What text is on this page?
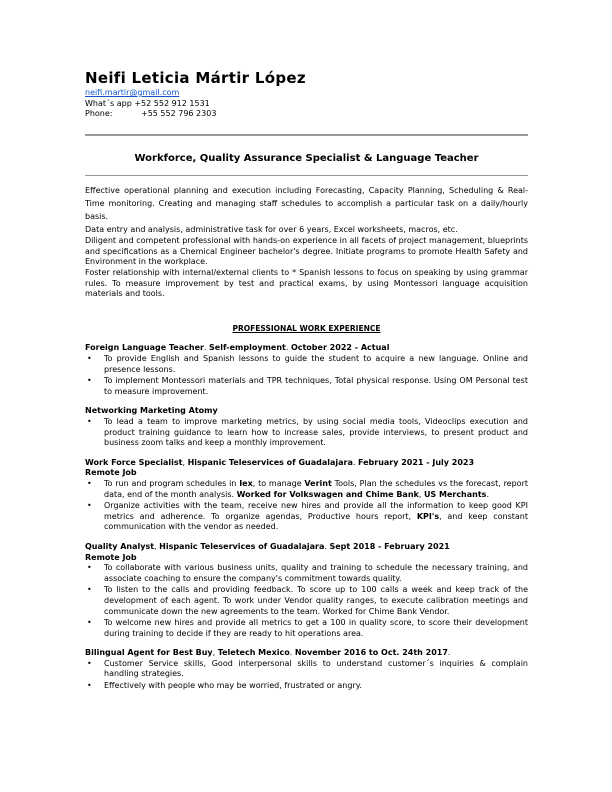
Neifi Leticia Mártir López
neifi.martir@gmail.com
What´s app +52 552 912 1531
Phone:	+55 552 796 2303
Workforce, Quality Assurance Specialist & Language Teacher

Effective operational planning and execution including Forecasting, Capacity Planning, Scheduling & Real-Time monitoring. Creating and managing staff schedules to accomplish a particular task on a daily/hourly basis.

Data entry and analysis, administrative task for over 6 years, Excel worksheets, macros, etc.

Diligent and competent professional with hands-on experience in all facets of project management, blueprints and specifications as a Chemical Engineer bachelor's degree. Initiate programs to promote Health Safety and Environment in the workplace.

Foster relationship with internal/external clients to * Spanish lessons to focus on speaking by using grammar rules. To measure improvement by test and practical exams, by using Montessori language acquisition materials and tools.

PROFESSIONAL WORK EXPERIENCE
Foreign Language Teacher. Self-employment. October 2022 - Actual
• To provide English and Spanish lessons to guide the student to acquire a new language. Online and presence lessons.
• To implement Montessori materials and TPR techniques, Total physical response. Using OM Personal test to measure improvement.
Networking Marketing Atomy
• To lead a team to improve marketing metrics, by using social media tools, Videoclips execution and product training guidance to learn how to increase sales, provide interviews, to present product and business zoom talks and keep a monthly improvement.
Work Force Specialist, Hispanic Teleservices of Guadalajara. February 2021 - July 2023
Remote Job
• To run and program schedules in Iex, to manage Verint Tools, Plan the schedules vs the forecast, report data, end of the month analysis. Worked for Volkswagen and Chime Bank, US Merchants.
• Organize activities with the team, receive new hires and provide all the information to keep good KPI metrics and adherence. To organize agendas, Productive hours report, KPI's, and keep constant communication with the vendor as needed.
Quality Analyst, Hispanic Teleservices of Guadalajara. Sept 2018 - February 2021
Remote Job
• To collaborate with various business units, quality and training to schedule the necessary training, and associate coaching to ensure the company's commitment towards quality.
• To listen to the calls and providing feedback. To score up to 100 calls a week and keep track of the development of each agent. To work under Vendor quality ranges, to execute calibration meetings and communicate down the new agreements to the team. Worked for Chime Bank Vendor.
• To welcome new hires and provide all metrics to get a 100 in quality score, to score their development during training to decide if they are ready to hit operations area.
Bilingual Agent for Best Buy, Teletech Mexico. November 2016 to Oct. 24th 2017.
• Customer Service skills, Good interpersonal skills to understand customer´s inquiries & complain handling strategies.
• Effectively with people who may be worried, frustrated or angry.
